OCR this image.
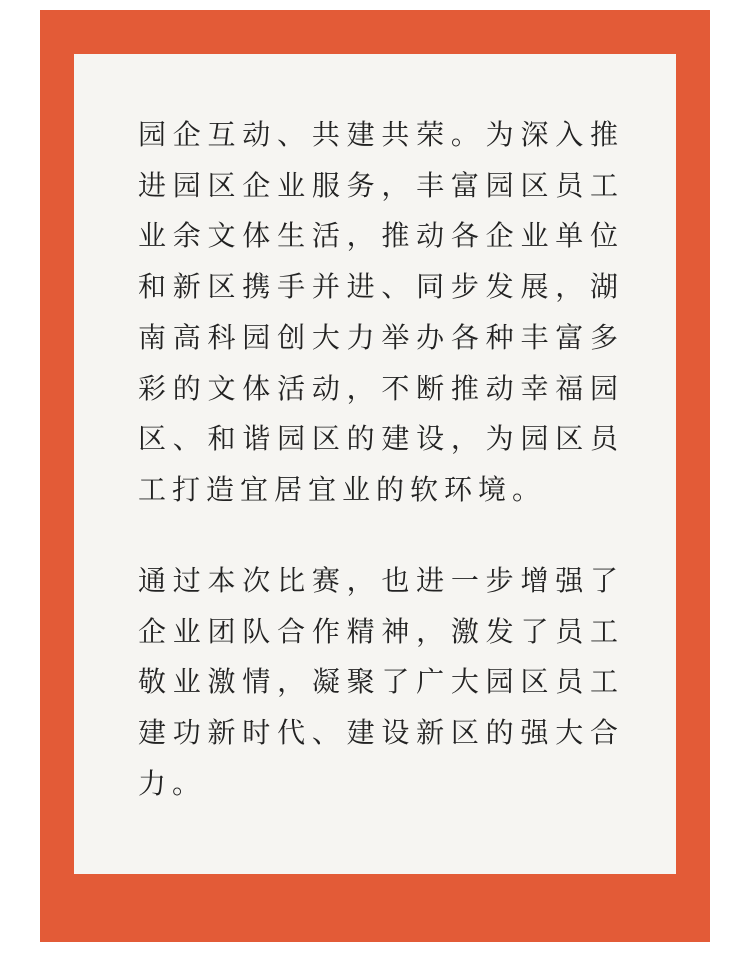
园企互动、共建共荣。为深入推进园区企业服务，丰富园区员工业余文体生活，推动各企业单位和新区携手并进、同步发展，湖南高科园创大力举办各种丰富多彩的文体活动，不断推动幸福园区、和谐园区的建设，为园区员工打造宜居宜业的软环境。

通过本次比赛，也进一步增强了企业团队合作精神，激发了员工敬业激情，凝聚了广大园区员工建功新时代、建设新区的强大合力。
